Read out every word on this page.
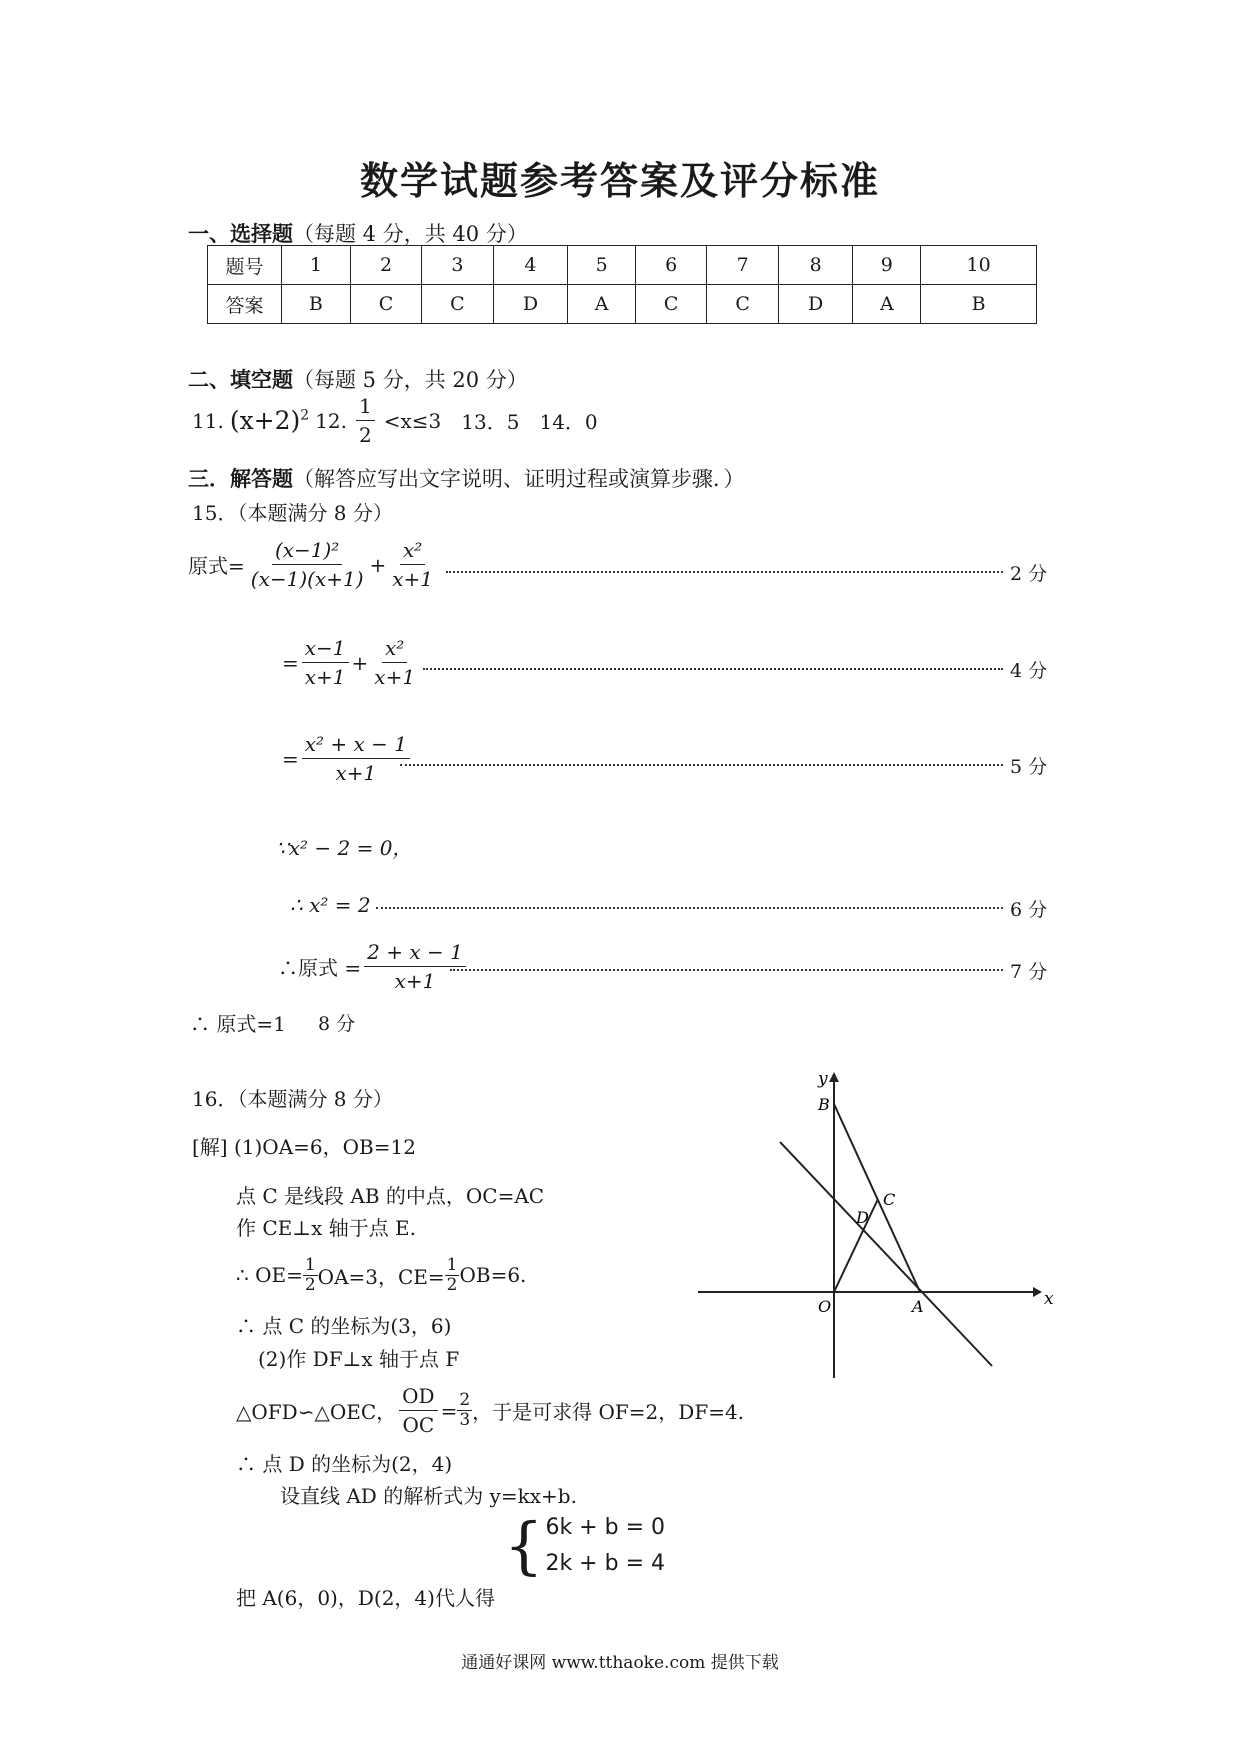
数学试题参考答案及评分标准
一、选择题（每题 4 分，共 40 分）
题号	1	2	3	4	5	6	7	8	9	10
答案	B	C	C	D	A	C	C	D	A	B
二、填空题（每题 5 分，共 20 分）
11. $(x+2)^2$ 12. $\frac{1}{2} <x\le 3$ 13．5 14．0
三．解答题（解答应写出文字说明、证明过程或演算步骤．）
15．（本题满分 8 分）
原式= $\frac{\text{(x−1)²}}{(x-1)(x+1)} + \frac{\text{x²}}{x+1}$	2 分
= $\frac{x-1}{x+1} + \frac{\text{x²}}{x+1}$	4 分
= $\frac{\text{x² + x − 1}}{x+1}$	5 分
∵x² − 2 = 0，
∴ x² = 2	6 分
∴原式 = $\frac{2 + x - 1}{x+1}$	7 分
∴ 原式=1 8 分
16．（本题满分 8 分）
[解] (1)OA=6，OB=12
点 C 是线段 AB 的中点，OC=AC
作 CE⊥x 轴于点 E.
∴ $OE= \frac{1}{2} OA=3$，$CE= \frac{1}{2} OB=6$.
∴ 点 C 的坐标为(3，6)
(2)作 DF⊥x 轴于点 F
△OFD∽△OEC， $\frac{OD}{OC} = \frac{2}{3}$ ，于是可求得 OF=2，DF=4.
∴ 点 D 的坐标为(2，4)
设直线 AD 的解析式为 y=kx+b.
{ 6k + b = 0
2k + b = 4
把 A(6，0)，D(2，4)代人得
y
x
O	A
B
C
D
通通好课网 www.tthaoke.com 提供下载
